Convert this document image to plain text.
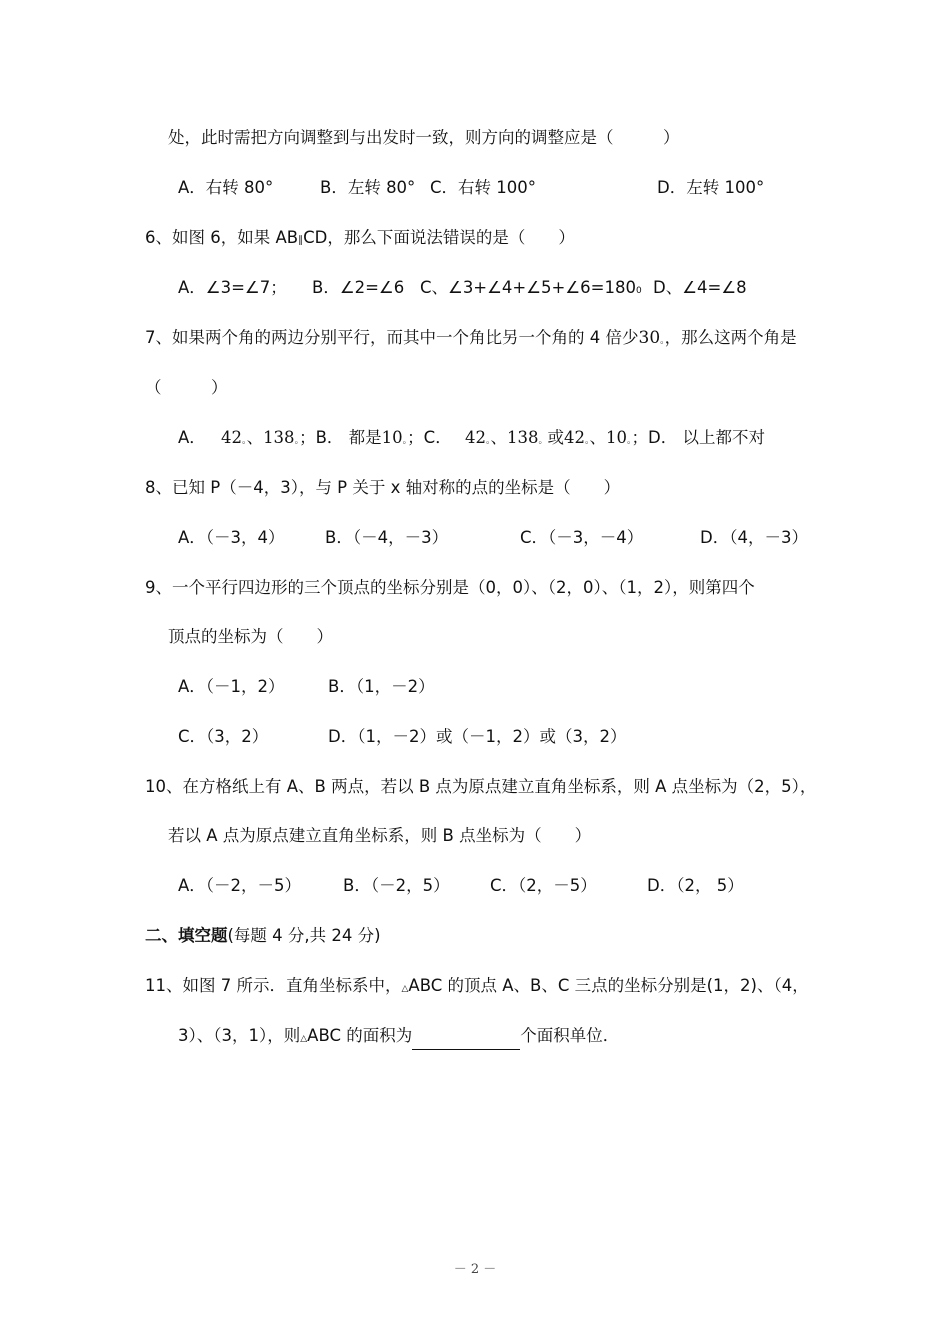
处，此时需把方向调整到与出发时一致，则方向的调整应是（　　　）
A．右转 80°	B．左转 80° C．右转 100°	D．左转 100°
6、如图 6，如果 AB∥CD，那么下面说法错误的是（　　）
A．∠3=∠7； B．∠2=∠6 C、∠3+∠4+∠5+∠6=1800 D、∠4=∠8
7、如果两个角的两边分别平行，而其中一个角比另一个角的 4 倍少30。，那么这两个角是
（　　　）
A． 42。、138。；B． 都是10。；C． 42。、138。或42。、10。；D． 以上都不对
8、已知 P（－4，3），与 P 关于 x 轴对称的点的坐标是（　　）
A．（－3，4） B．（－4，－3）	C．（－3，－4）	D．（4，－3）
9、一个平行四边形的三个顶点的坐标分别是（0，0）、（2，0）、（1，2），则第四个
顶点的坐标为（　　）
A．（－1，2）	B．（1，－2）
C．（3，2）	D．（1，－2）或（－1，2）或（3，2）
10、在方格纸上有 A、B 两点，若以 B 点为原点建立直角坐标系，则 A 点坐标为（2，5），
若以 A 点为原点建立直角坐标系，则 B 点坐标为（　　）
A．（－2，－5）	B．（－2，5） C．（2，－5）	D．（2， 5）
二、填空题(每题 4 分,共 24 分)
11、如图 7 所示．直角坐标系中，△ABC 的顶点 A、B、C 三点的坐标分别是(1，2)、（4，
3）、（3，1），则△ABC 的面积为	个面积单位．
－ 2 －
